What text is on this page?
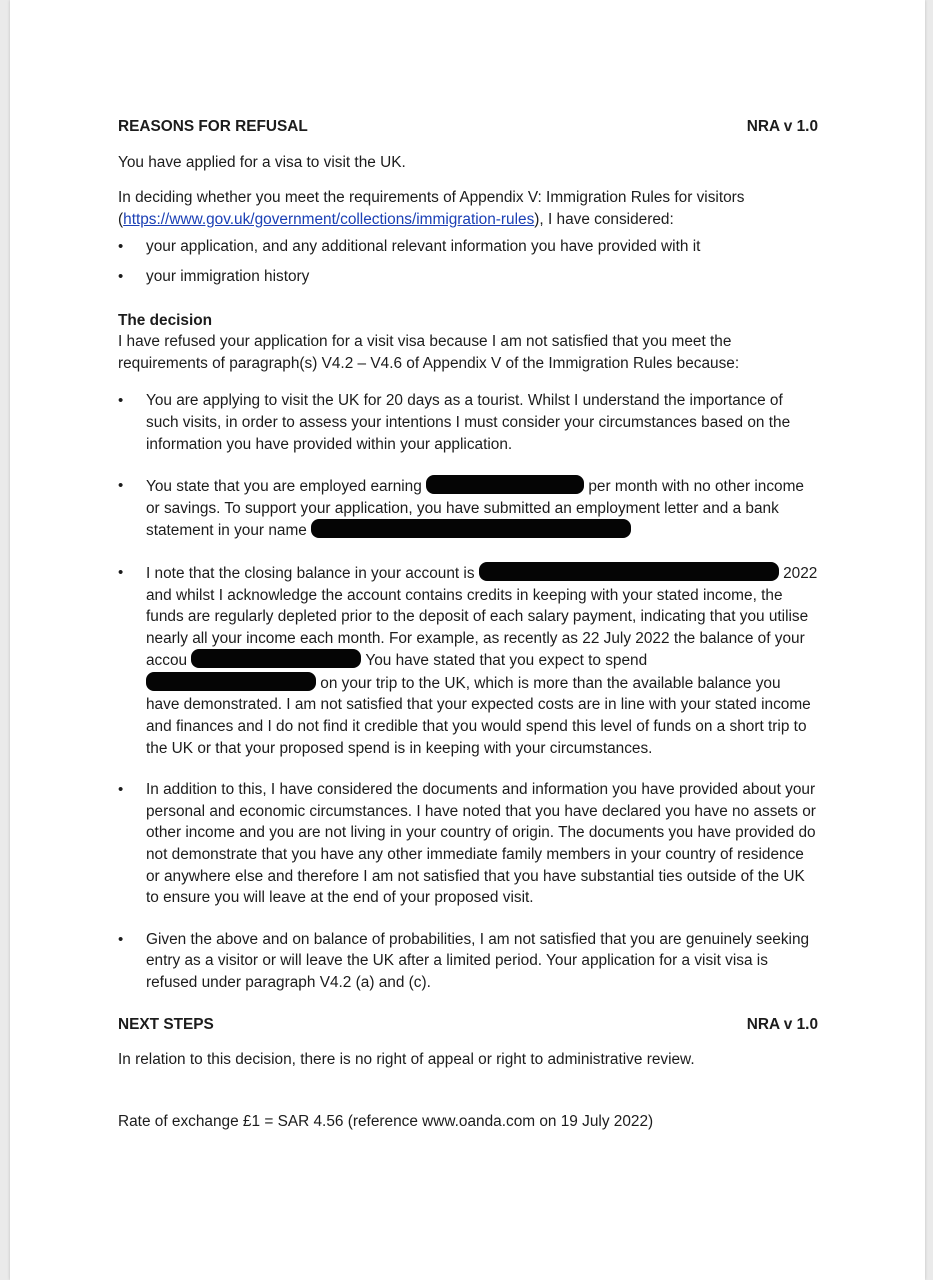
REASONS FOR REFUSAL	NRA v 1.0

You have applied for a visa to visit the UK.

In deciding whether you meet the requirements of Appendix V: Immigration Rules for visitors (https://www.gov.uk/government/collections/immigration-rules), I have considered:

• your application, and any additional relevant information you have provided with it
• your immigration history

The decision

I have refused your application for a visit visa because I am not satisfied that you meet the requirements of paragraph(s) V4.2 – V4.6 of Appendix V of the Immigration Rules because:

• You are applying to visit the UK for 20 days as a tourist. Whilst I understand the importance of such visits, in order to assess your intentions I must consider your circumstances based on the information you have provided within your application.
• You state that you are employed earning	per month with no other income or savings. To support your application, you have submitted an employment letter and a bank statement in your name
• I note that the closing balance in your account is	2022 and whilst I acknowledge the account contains credits in keeping with your stated income, the funds are regularly depleted prior to the deposit of each salary payment, indicating that you utilise nearly all your income each month. For example, as recently as 22 July 2022 the balance of your accou	You have stated that you expect to spend  on your trip to the UK, which is more than the available balance you have demonstrated. I am not satisfied that your expected costs are in line with your stated income and finances and I do not find it credible that you would spend this level of funds on a short trip to the UK or that your proposed spend is in keeping with your circumstances.
• In addition to this, I have considered the documents and information you have provided about your personal and economic circumstances. I have noted that you have declared you have no assets or other income and you are not living in your country of origin. The documents you have provided do not demonstrate that you have any other immediate family members in your country of residence or anywhere else and therefore I am not satisfied that you have substantial ties outside of the UK to ensure you will leave at the end of your proposed visit.
• Given the above and on balance of probabilities, I am not satisfied that you are genuinely seeking entry as a visitor or will leave the UK after a limited period. Your application for a visit visa is refused under paragraph V4.2 (a) and (c).
NEXT STEPS	NRA v 1.0

In relation to this decision, there is no right of appeal or right to administrative review.

Rate of exchange £1 = SAR 4.56 (reference www.oanda.com on 19 July 2022)
